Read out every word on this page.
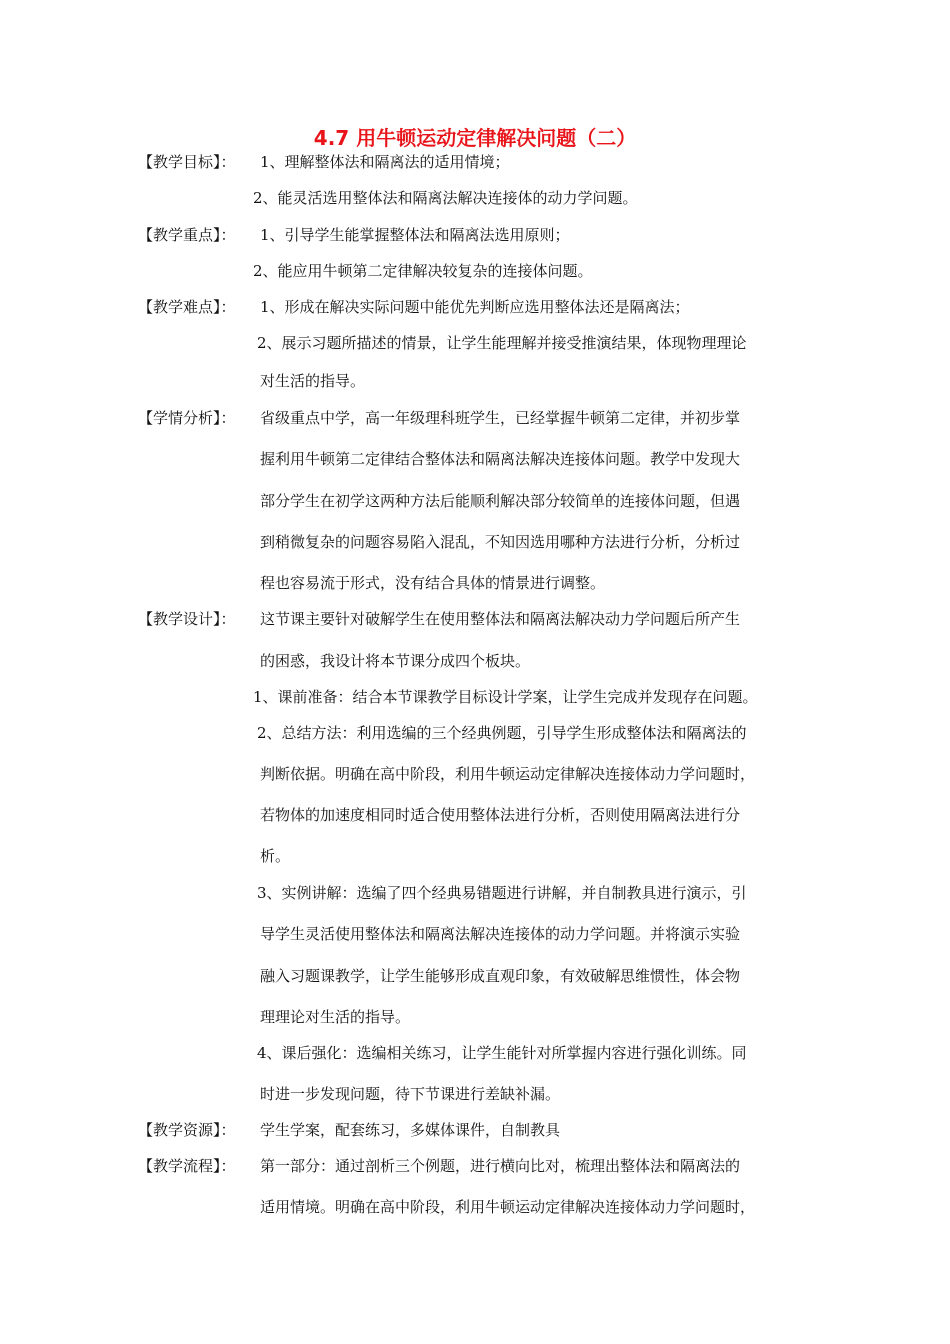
4.7 用牛顿运动定律解决问题（二）
【教学目标】： 1、理解整体法和隔离法的适用情境；
2、能灵活选用整体法和隔离法解决连接体的动力学问题。
【教学重点】： 1、引导学生能掌握整体法和隔离法选用原则；
2、能应用牛顿第二定律解决较复杂的连接体问题。
【教学难点】： 1、形成在解决实际问题中能优先判断应选用整体法还是隔离法；
2、展示习题所描述的情景，让学生能理解并接受推演结果，体现物理理论
对生活的指导。
【学情分析】： 省级重点中学，高一年级理科班学生，已经掌握牛顿第二定律，并初步掌
握利用牛顿第二定律结合整体法和隔离法解决连接体问题。教学中发现大
部分学生在初学这两种方法后能顺利解决部分较简单的连接体问题，但遇
到稍微复杂的问题容易陷入混乱，不知因选用哪种方法进行分析，分析过
程也容易流于形式，没有结合具体的情景进行调整。
【教学设计】： 这节课主要针对破解学生在使用整体法和隔离法解决动力学问题后所产生
的困惑，我设计将本节课分成四个板块。
1、课前准备：结合本节课教学目标设计学案，让学生完成并发现存在问题。
2、总结方法：利用选编的三个经典例题，引导学生形成整体法和隔离法的
判断依据。明确在高中阶段，利用牛顿运动定律解决连接体动力学问题时，
若物体的加速度相同时适合使用整体法进行分析，否则使用隔离法进行分
析。
3、实例讲解：选编了四个经典易错题进行讲解，并自制教具进行演示，引
导学生灵活使用整体法和隔离法解决连接体的动力学问题。并将演示实验
融入习题课教学，让学生能够形成直观印象，有效破解思维惯性，体会物
理理论对生活的指导。
4、课后强化：选编相关练习，让学生能针对所掌握内容进行强化训练。同
时进一步发现问题，待下节课进行差缺补漏。
【教学资源】： 学生学案，配套练习，多媒体课件，自制教具
【教学流程】： 第一部分：通过剖析三个例题，进行横向比对，梳理出整体法和隔离法的
适用情境。明确在高中阶段，利用牛顿运动定律解决连接体动力学问题时，
